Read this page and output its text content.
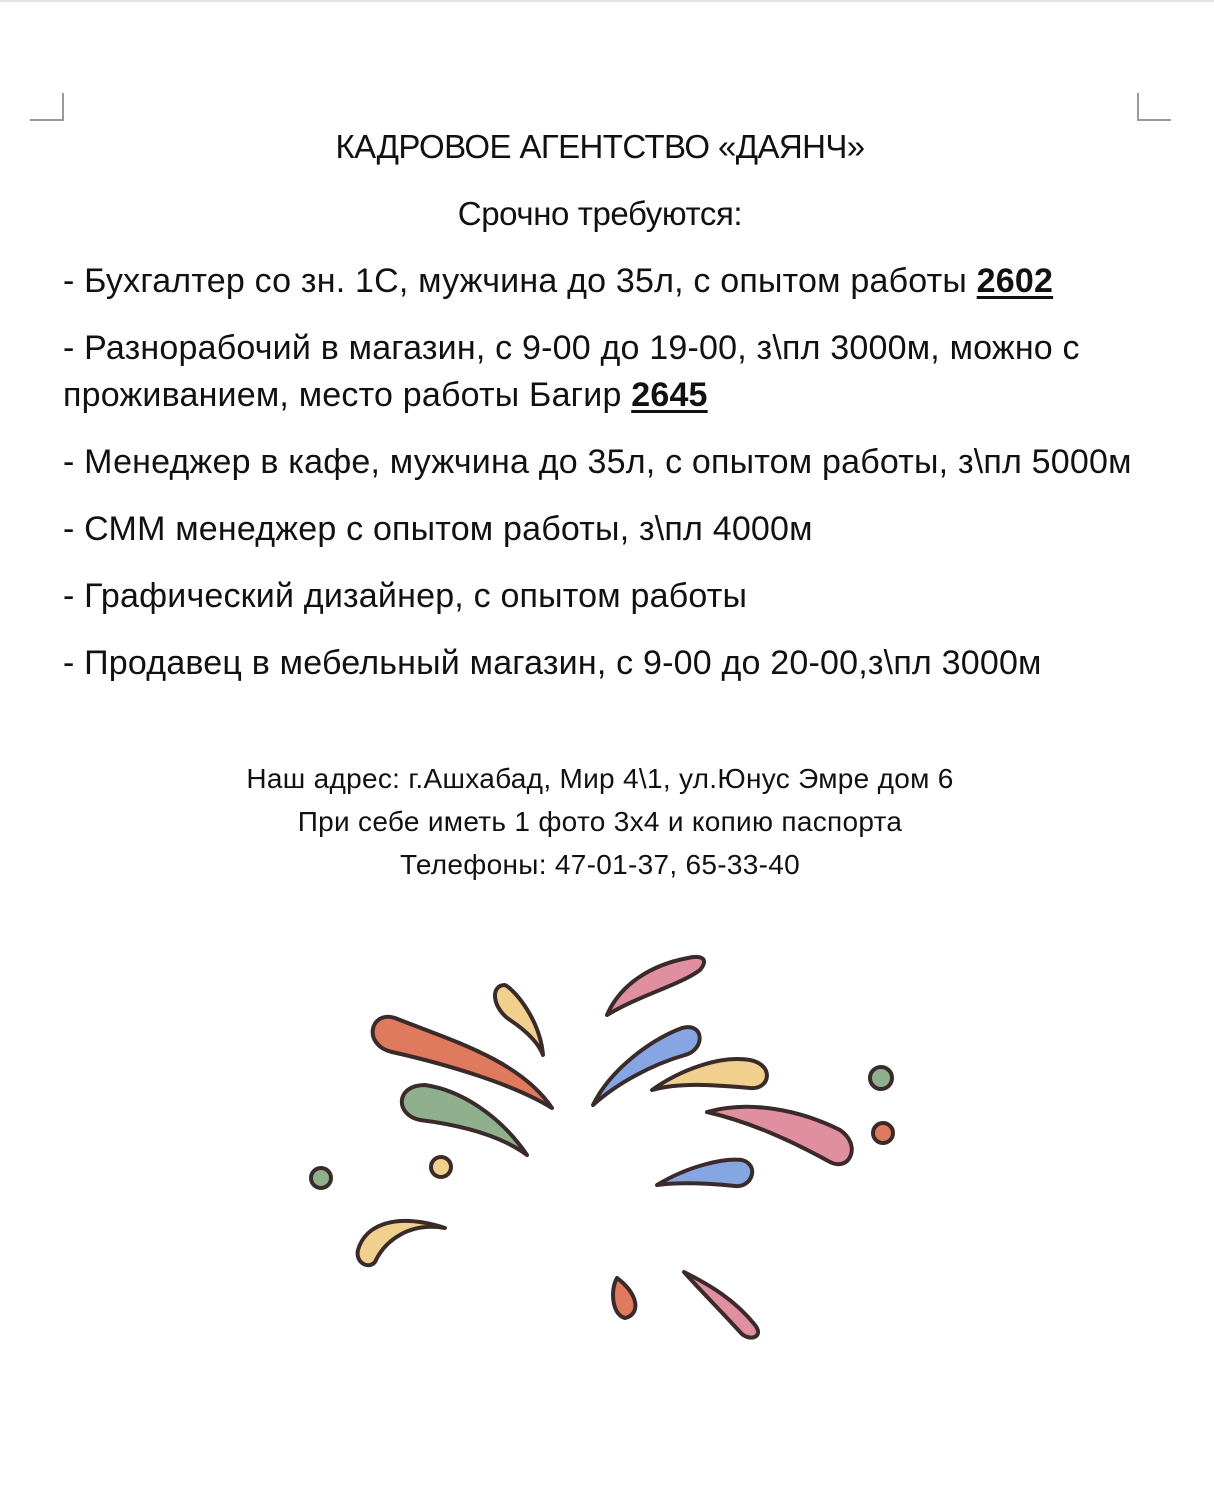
КАДРОВОЕ АГЕНТСТВО «ДАЯНЧ»
Срочно требуются:

- Бухгалтер со зн. 1С, мужчина до 35л, с опытом работы 2602

- Разнорабочий в магазин, с 9-00 до 19-00, з\пл 3000м, можно с проживанием, место работы Багир 2645

- Менеджер в кафе, мужчина до 35л, с опытом работы, з\пл 5000м

- СММ менеджер с опытом работы, з\пл 4000м

- Графический дизайнер, с опытом работы

- Продавец в мебельный магазин, с 9-00 до 20-00,з\пл 3000м

Наш адрес: г.Ашхабад, Мир 4\1, ул.Юнус Эмре дом 6
При себе иметь 1 фото 3х4 и копию паспорта
Телефоны: 47-01-37, 65-33-40
